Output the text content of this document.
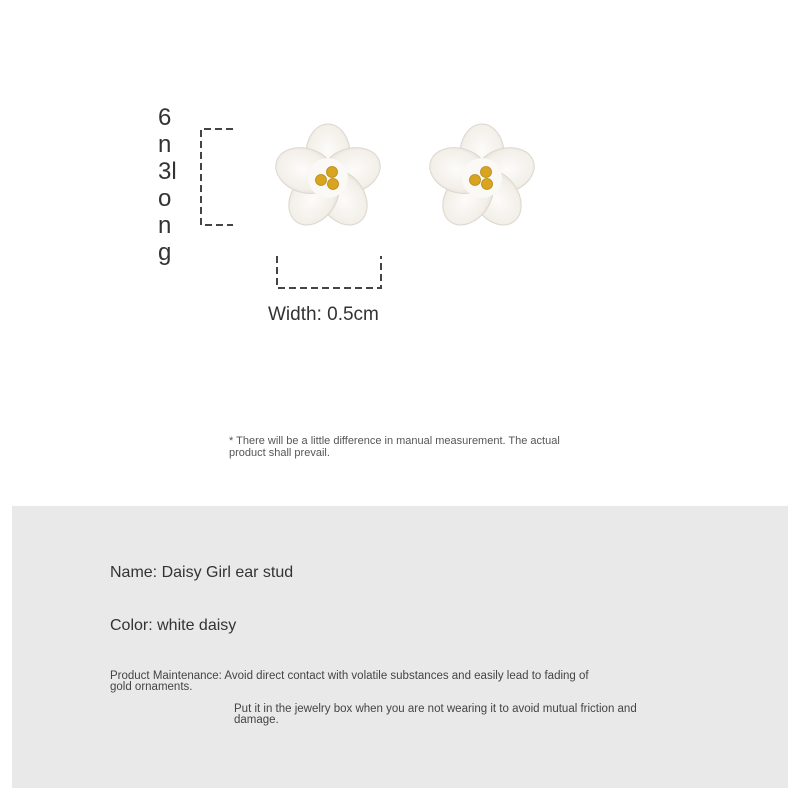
6n3long
Width: 0.5cm
* There will be a little difference in manual measurement. The actual product shall prevail.
Name: Daisy Girl ear stud
Color: white daisy
Product Maintenance: Avoid direct contact with volatile substances and easily lead to fading of gold ornaments.
Put it in the jewelry box when you are not wearing it to avoid mutual friction and damage.
